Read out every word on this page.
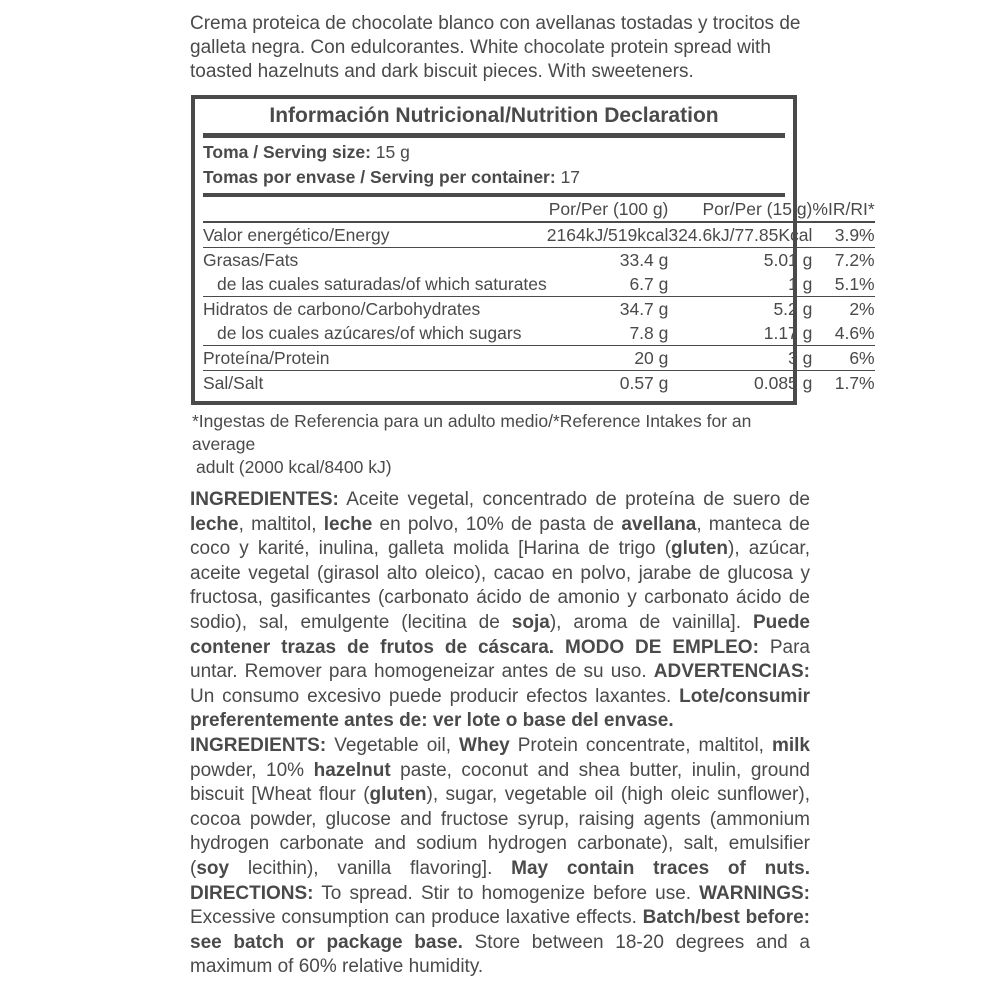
Crema proteica de chocolate blanco con avellanas tostadas y trocitos de galleta negra. Con edulcorantes. White chocolate protein spread with toasted hazelnuts and dark biscuit pieces. With sweeteners.

Información Nutricional/Nutrition Declaration
Toma / Serving size: 15 g
Tomas por envase / Serving per container: 17
	Por/Per (100 g)	Por/Per (15 g)	%IR/RI*
Valor energético/Energy	2164kJ/519kcal	324.6kJ/77.85Kcal	3.9%
Grasas/Fats	33.4 g	5.01 g	7.2%
de las cuales saturadas/of which saturates	6.7 g	1 g	5.1%
Hidratos de carbono/Carbohydrates	34.7 g	5.2 g	2%
de los cuales azúcares/of which sugars	7.8 g	1.17 g	4.6%
Proteína/Protein	20 g	3 g	6%
Sal/Salt	0.57 g	0.085 g	1.7%
*Ingestas de Referencia para un adulto medio/*Reference Intakes for an average
adult (2000 kcal/8400 kJ)

INGREDIENTES: Aceite vegetal, concentrado de proteína de suero de leche, maltitol, leche en polvo, 10% de pasta de avellana, manteca de coco y karité, inulina, galleta molida [Harina de trigo (gluten), azúcar, aceite vegetal (girasol alto oleico), cacao en polvo, jarabe de glucosa y fructosa, gasificantes (carbonato ácido de amonio y carbonato ácido de sodio), sal, emulgente (lecitina de soja), aroma de vainilla]. Puede contener trazas de frutos de cáscara. MODO DE EMPLEO: Para untar. Remover para homogeneizar antes de su uso. ADVERTENCIAS: Un consumo excesivo puede producir efectos laxantes. Lote/consumir preferentemente antes de: ver lote o base del envase.

INGREDIENTS: Vegetable oil, Whey Protein concentrate, maltitol, milk powder, 10% hazelnut paste, coconut and shea butter, inulin, ground biscuit [Wheat flour (gluten), sugar, vegetable oil (high oleic sunflower), cocoa powder, glucose and fructose syrup, raising agents (ammonium hydrogen carbonate and sodium hydrogen carbonate), salt, emulsifier (soy lecithin), vanilla flavoring]. May contain traces of nuts. DIRECTIONS: To spread. Stir to homogenize before use. WARNINGS: Excessive consumption can produce laxative effects. Batch/best before: see batch or package base. Store between 18-20 degrees and a maximum of 60% relative humidity.
